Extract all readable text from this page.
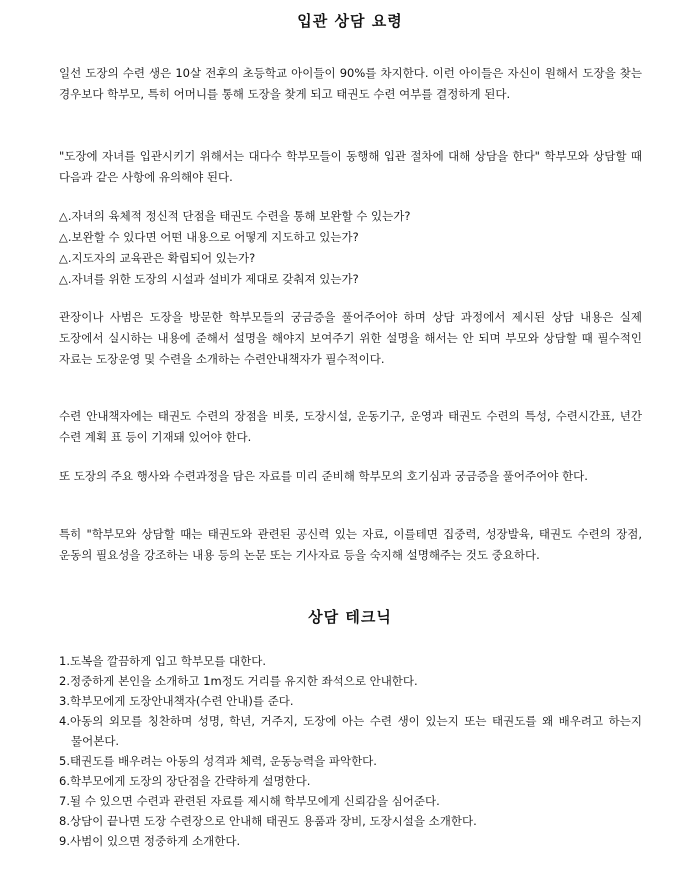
입관 상담 요령

일선 도장의 수련 생은 10살 전후의 초등학교 아이들이 90%를 차지한다. 이런 아이들은 자신이 원해서 도장을 찾는 경우보다 학부모, 특히 어머니를 통해 도장을 찾게 되고 태권도 수련 여부를 결정하게 된다.

"도장에 자녀를 입관시키기 위해서는 대다수 학부모들이 동행해 입관 절차에 대해 상담을 한다" 학부모와 상담할 때 다음과 같은 사항에 유의해야 된다.

△.자녀의 육체적 정신적 단점을 태권도 수련을 통해 보완할 수 있는가?
△.보완할 수 있다면 어떤 내용으로 어떻게 지도하고 있는가?
△.지도자의 교육관은 확립되어 있는가?
△.자녀를 위한 도장의 시설과 설비가 제대로 갖춰져 있는가?

관장이나 사범은 도장을 방문한 학부모들의 궁금증을 풀어주어야 하며 상담 과정에서 제시된 상담 내용은 실제 도장에서 실시하는 내용에 준해서 설명을 해야지 보여주기 위한 설명을 해서는 안 되며 부모와 상담할 때 필수적인 자료는 도장운영 및 수련을 소개하는 수련안내책자가 필수적이다.

수련 안내책자에는 태권도 수련의 장점을 비롯, 도장시설, 운동기구, 운영과 태권도 수련의 특성, 수련시간표, 년간 수련 계획 표 등이 기재돼 있어야 한다.

또 도장의 주요 행사와 수련과정을 담은 자료를 미리 준비해 학부모의 호기심과 궁금증을 풀어주어야 한다.

특히 "학부모와 상담할 때는 태권도와 관련된 공신력 있는 자료, 이를테면 집중력, 성장발육, 태권도 수련의 장점, 운동의 필요성을 강조하는 내용 등의 논문 또는 기사자료 등을 숙지해 설명해주는 것도 중요하다.

상담 테크닉
1.도복을 깔끔하게 입고 학부모를 대한다.
2.정중하게 본인을 소개하고 1m정도 거리를 유지한 좌석으로 안내한다.
3.학부모에게 도장안내책자(수련 안내)를 준다.
4.아동의 외모를 칭찬하며 성명, 학년, 거주지, 도장에 아는 수련 생이 있는지 또는 태권도를 왜 배우려고 하는지 물어본다.
5.태권도를 배우려는 아동의 성격과 체력, 운동능력을 파악한다.
6.학부모에게 도장의 장단점을 간략하게 설명한다.
7.될 수 있으면 수련과 관련된 자료를 제시해 학부모에게 신뢰감을 심어준다.
8.상담이 끝나면 도장 수련장으로 안내해 태권도 용품과 장비, 도장시설을 소개한다.
9.사범이 있으면 정중하게 소개한다.
